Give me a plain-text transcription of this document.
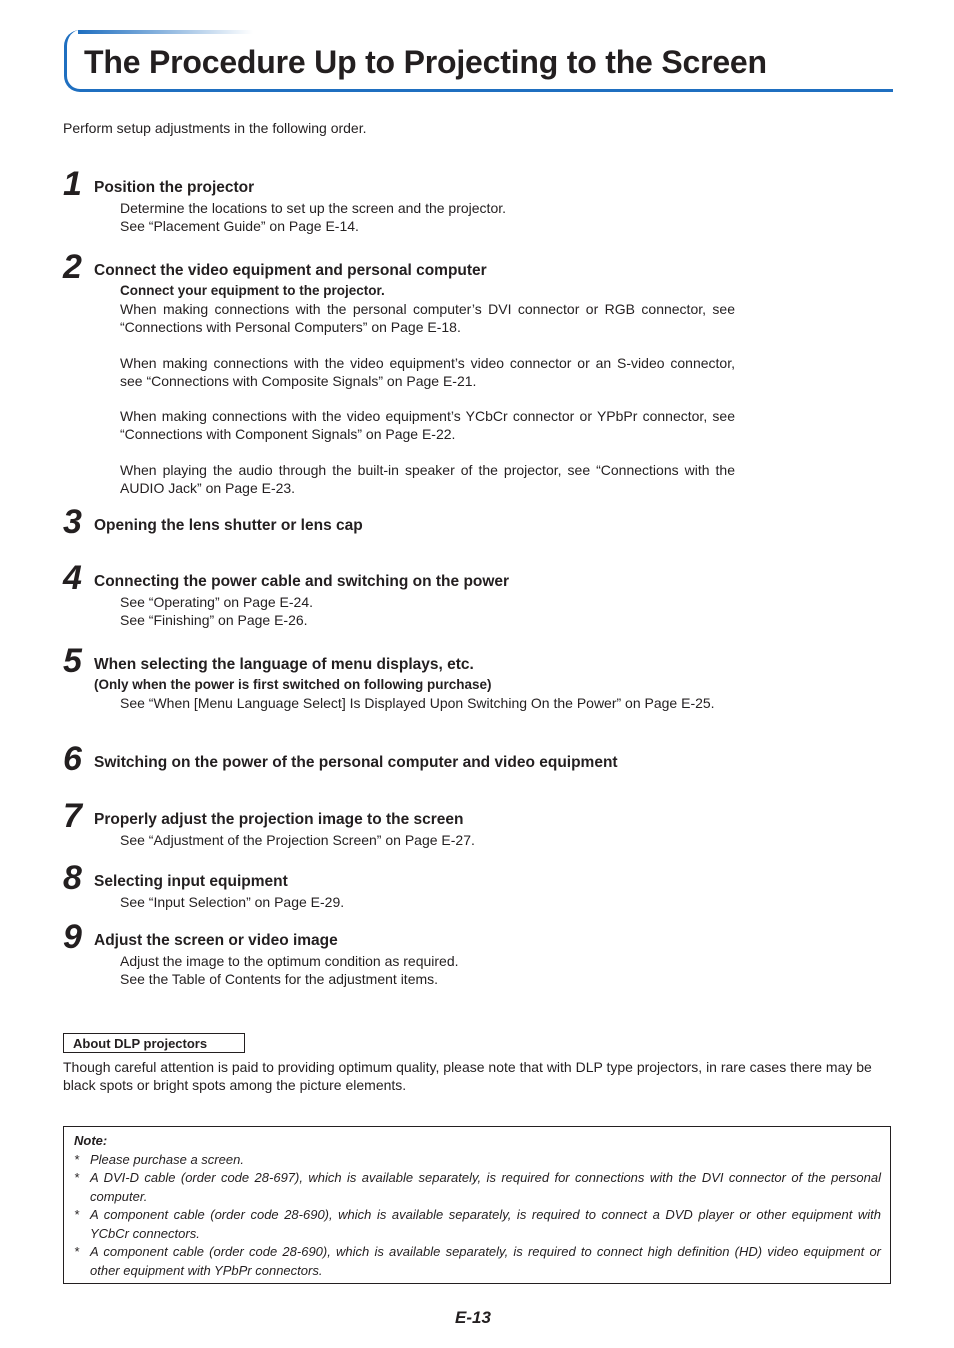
The Procedure Up to Projecting to the Screen
Perform setup adjustments in the following order.
1 Position the projector

Determine the locations to set up the screen and the projector.

See “Placement Guide” on Page E-14.

2 Connect the video equipment and personal computer

Connect your equipment to the projector.

When making connections with the personal computer’s DVI connector or RGB connector, see “Connections with Personal Computers” on Page E-18.

When making connections with the video equipment’s video connector or an S-video connector, see “Connections with Composite Signals” on Page E-21.

When making connections with the video equipment’s YCbCr connector or YPbPr connector, see “Connections with Component Signals” on Page E-22.

When playing the audio through the built-in speaker of the projector, see “Connections with the AUDIO Jack” on Page E-23.

3 Opening the lens shutter or lens cap
4 Connecting the power cable and switching on the power

See “Operating” on Page E-24.

See “Finishing” on Page E-26.

5 When selecting the language of menu displays, etc.

(Only when the power is first switched on following purchase)

See “When [Menu Language Select] Is Displayed Upon Switching On the Power” on Page E-25.

6 Switching on the power of the personal computer and video equipment
7 Properly adjust the projection image to the screen

See “Adjustment of the Projection Screen” on Page E-27.

8 Selecting input equipment

See “Input Selection” on Page E-29.

9 Adjust the screen or video image

Adjust the image to the optimum condition as required.

See the Table of Contents for the adjustment items.

About DLP projectors
Though careful attention is paid to providing optimum quality, please note that with DLP type projectors, in rare cases there may be black spots or bright spots among the picture elements.
Note:
* Please purchase a screen.
* A DVI-D cable (order code 28-697), which is available separately, is required for connections with the DVI connector of the personal computer.
* A component cable (order code 28-690), which is available separately, is required to connect a DVD player or other equipment with YCbCr connectors.
* A component cable (order code 28-690), which is available separately, is required to connect high definition (HD) video equipment or other equipment with YPbPr connectors.
E-13
